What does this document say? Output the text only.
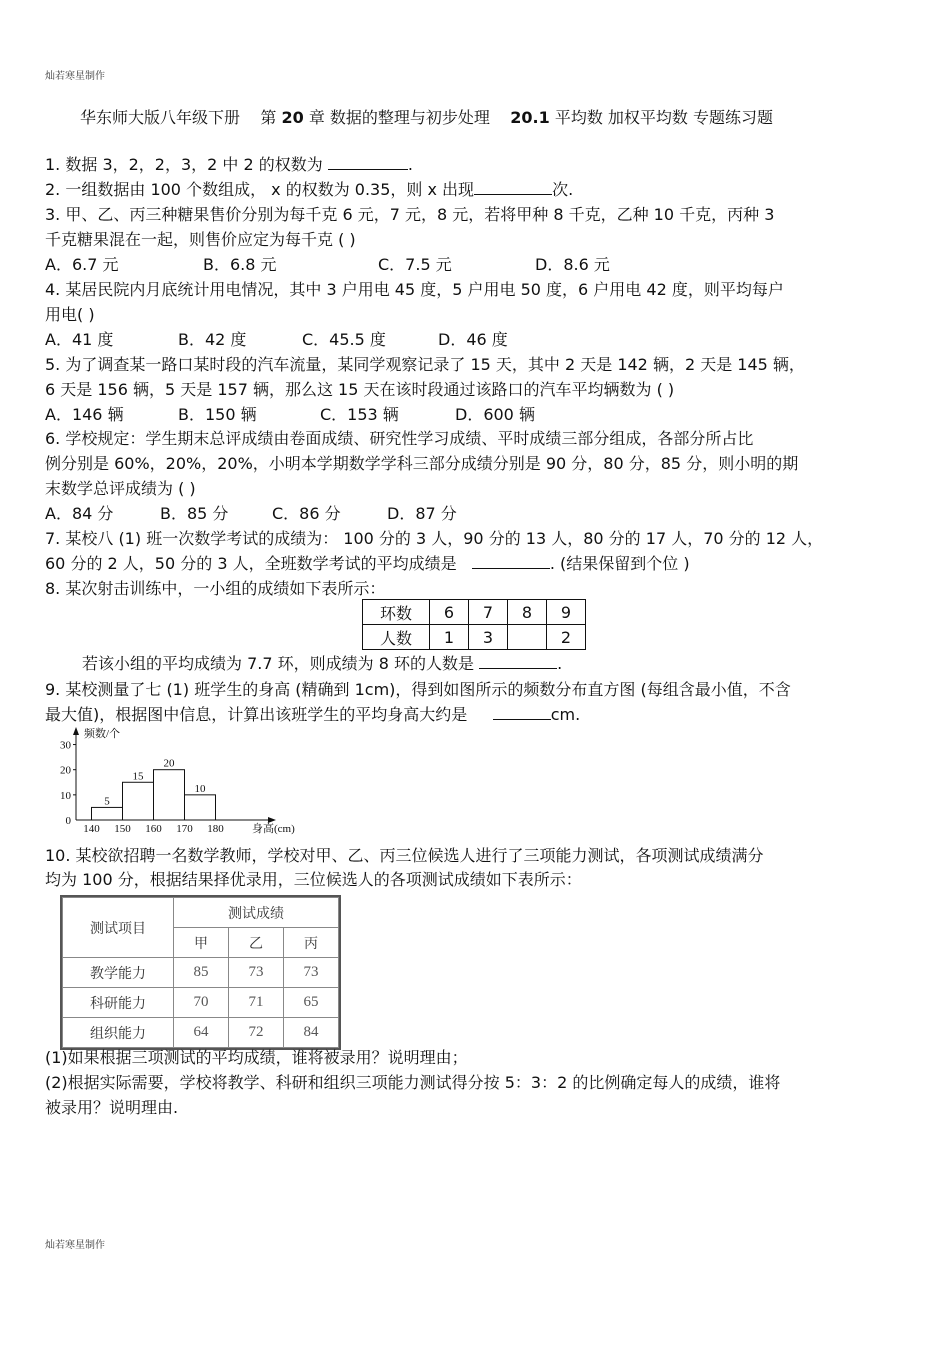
灿若寒星制作
华东师大版八年级下册 第 20 章 数据的整理与初步处理 20.1 平均数 加权平均数 专题练习题
1. 数据 3，2，2，3，2 中 2 的权数为	.
2. 一组数据由 100 个数组成， x 的权数为 0.35，则 x 出现	次.
3. 甲、乙、丙三种糖果售价分别为每千克 6 元，7 元，8 元，若将甲种 8 千克，乙种 10 千克，丙种 3
千克糖果混在一起，则售价应定为每千克 ( )
A．6.7 元	B．6.8 元	C．7.5 元	D．8.6 元
4. 某居民院内月底统计用电情况，其中 3 户用电 45 度，5 户用电 50 度，6 户用电 42 度，则平均每户
用电( )
A．41 度	B．42 度	C．45.5 度	D．46 度
5. 为了调查某一路口某时段的汽车流量，某同学观察记录了 15 天，其中 2 天是 142 辆，2 天是 145 辆，
6 天是 156 辆，5 天是 157 辆，那么这 15 天在该时段通过该路口的汽车平均辆数为 ( )
A．146 辆	B．150 辆	C．153 辆	D．600 辆
6. 学校规定：学生期末总评成绩由卷面成绩、研究性学习成绩、平时成绩三部分组成，各部分所占比
例分别是 60%，20%，20%，小明本学期数学学科三部分成绩分别是 90 分，80 分，85 分，则小明的期
末数学总评成绩为 ( )
A．84 分	B．85 分	C．86 分	D．87 分
7. 某校八 (1) 班一次数学考试的成绩为： 100 分的 3 人，90 分的 13 人，80 分的 17 人，70 分的 12 人，
60 分的 2 人，50 分的 3 人，全班数学考试的平均成绩是	. (结果保留到个位 )
8. 某次射击训练中，一小组的成绩如下表所示：
环数	6	7	8	9
人数	1	3		2
若该小组的平均成绩为 7.7 环，则成绩为 8 环的人数是	.
9. 某校测量了七 (1) 班学生的身高 (精确到 1cm)，得到如图所示的频数分布直方图 (每组含最小值，不含
最大值)，根据图中信息，计算出该班学生的平均身高大约是	cm.
5
15
20
10
0
10
20
30
140 150 160 170 180
频数/个
身高(cm)
10. 某校欲招聘一名数学教师，学校对甲、乙、丙三位候选人进行了三项能力测试，各项测试成绩满分
均为 100 分，根据结果择优录用，三位候选人的各项测试成绩如下表所示：
测试项目	测试成绩		
	甲	乙	丙
教学能力	85	73	73
科研能力	70	71	65
组织能力	64	72	84
(1)如果根据三项测试的平均成绩，谁将被录用？说明理由；
(2)根据实际需要，学校将教学、科研和组织三项能力测试得分按 5：3：2 的比例确定每人的成绩，谁将
被录用？说明理由.
灿若寒星制作
